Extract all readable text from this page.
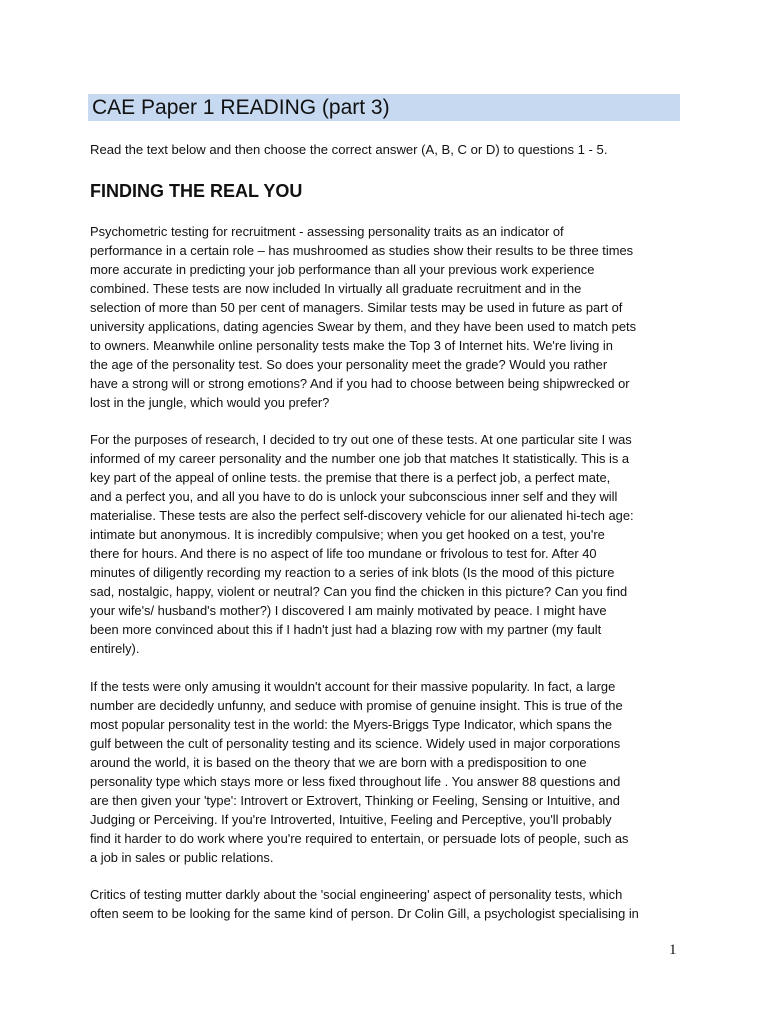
CAE Paper 1 READING (part 3)
Read the text below and then choose the correct answer (A, B, C or D) to questions 1 - 5.
FINDING THE REAL YOU
Psychometric testing for recruitment - assessing personality traits as an indicator of
performance in a certain role – has mushroomed as studies show their results to be three times
more accurate in predicting your job performance than all your previous work experience
combined. These tests are now included In virtually all graduate recruitment and in the
selection of more than 50 per cent of managers. Similar tests may be used in future as part of
university applications, dating agencies Swear by them, and they have been used to match pets
to owners. Meanwhile online personality tests make the Top 3 of Internet hits. We're living in
the age of the personality test. So does your personality meet the grade? Would you rather
have a strong will or strong emotions? And if you had to choose between being shipwrecked or
lost in the jungle, which would you prefer?
For the purposes of research, I decided to try out one of these tests. At one particular site I was
informed of my career personality and the number one job that matches It statistically. This is a
key part of the appeal of online tests. the premise that there is a perfect job, a perfect mate,
and a perfect you, and all you have to do is unlock your subconscious inner self and they will
materialise. These tests are also the perfect self-discovery vehicle for our alienated hi-tech age:
intimate but anonymous. It is incredibly compulsive; when you get hooked on a test, you're
there for hours. And there is no aspect of life too mundane or frivolous to test for. After 40
minutes of diligently recording my reaction to a series of ink blots (Is the mood of this picture
sad, nostalgic, happy, violent or neutral? Can you find the chicken in this picture? Can you find
your wife's/ husband's mother?) I discovered I am mainly motivated by peace. I might have
been more convinced about this if I hadn't just had a blazing row with my partner (my fault
entirely).
If the tests were only amusing it wouldn't account for their massive popularity. In fact, a large
number are decidedly unfunny, and seduce with promise of genuine insight. This is true of the
most popular personality test in the world: the Myers-Briggs Type Indicator, which spans the
gulf between the cult of personality testing and its science. Widely used in major corporations
around the world, it is based on the theory that we are born with a predisposition to one
personality type which stays more or less fixed throughout life . You answer 88 questions and
are then given your 'type': Introvert or Extrovert, Thinking or Feeling, Sensing or Intuitive, and
Judging or Perceiving. If you're Introverted, Intuitive, Feeling and Perceptive, you'll probably
find it harder to do work where you're required to entertain, or persuade lots of people, such as
a job in sales or public relations.
Critics of testing mutter darkly about the 'social engineering' aspect of personality tests, which
often seem to be looking for the same kind of person. Dr Colin Gill, a psychologist specialising in
1
